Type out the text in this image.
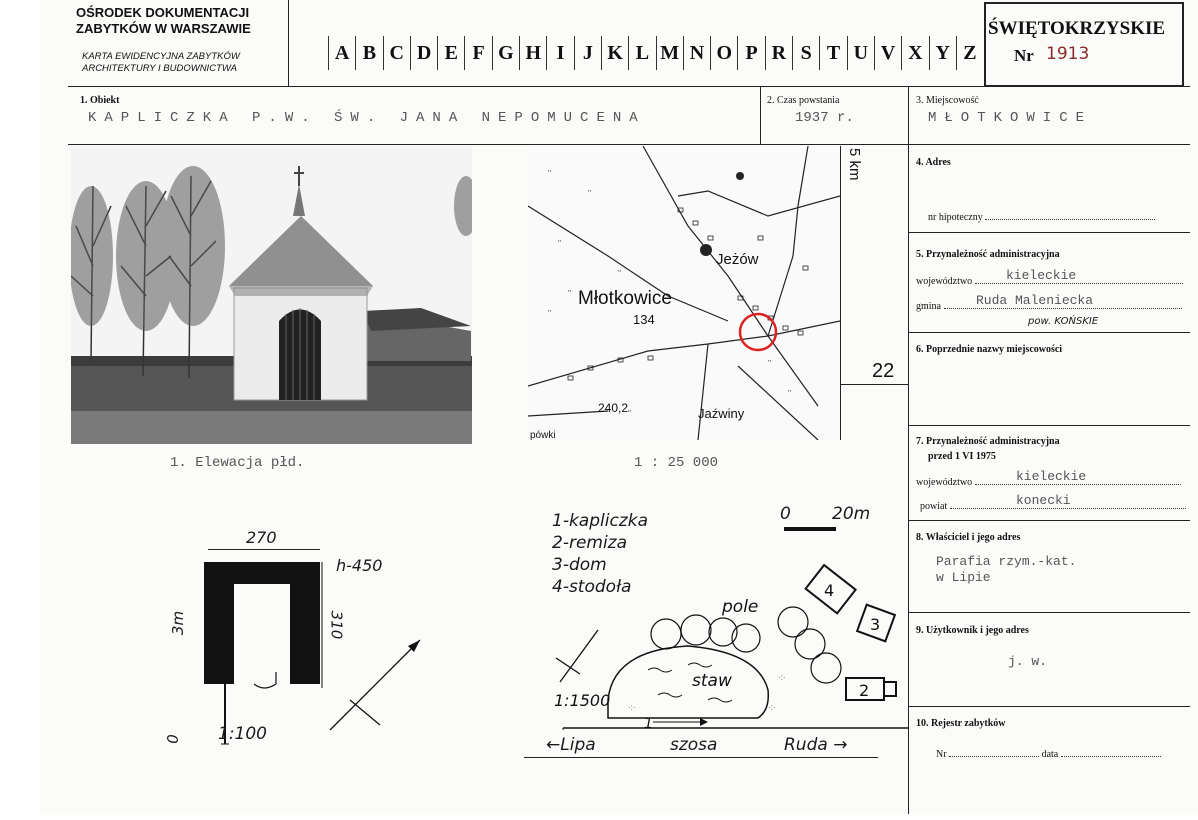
OŚRODEK DOKUMENTACJI
ZABYTKÓW W WARSZAWIE
KARTA EWIDENCYJNA ZABYTKÓW
ARCHITEKTURY I BUDOWNICTWA
A B C D E F G H I J K L M N O P R S T U V X Y Z
ŚWIĘTOKRZYSKIE
Nr 1913
1. Obiekt
KAPLICZKA P.W. ŚW. JANA NEPOMUCENA
2. Czas powstania
1937 r.
3. Miejscowość
MŁOTKOWICE
4. Adres
nr hipoteczny
5. Przynależność administracyjna
województwo	kieleckie
gmina	Ruda Maleniecka
pow. KOŃSKIE
6. Poprzednie nazwy miejscowości
7. Przynależność administracyjna
przed 1 VI 1975
województwo	kieleckie
powiat	konecki
8. Właściciel i jego adres
Parafia rzym.-kat.
w Lipie
9. Użytkownik i jego adres
j. w.
10. Rejestr zabytków
Nr	data
1. Elewacja płd.
''
''
''
''
''
''
''
''
'' Młotkowice
134
Jeżów
Jaźwiny
240,2
pówki
5 km
22
1 : 25 000
270
h-450
310
3m
0 1:100
1-kapliczka
2-remiza
3-dom
4-stodoła
0 20m
4
3
2
·:·	·:·
·:·
staw
pole
1:1500
1
←Lipa	szosa	Ruda →
